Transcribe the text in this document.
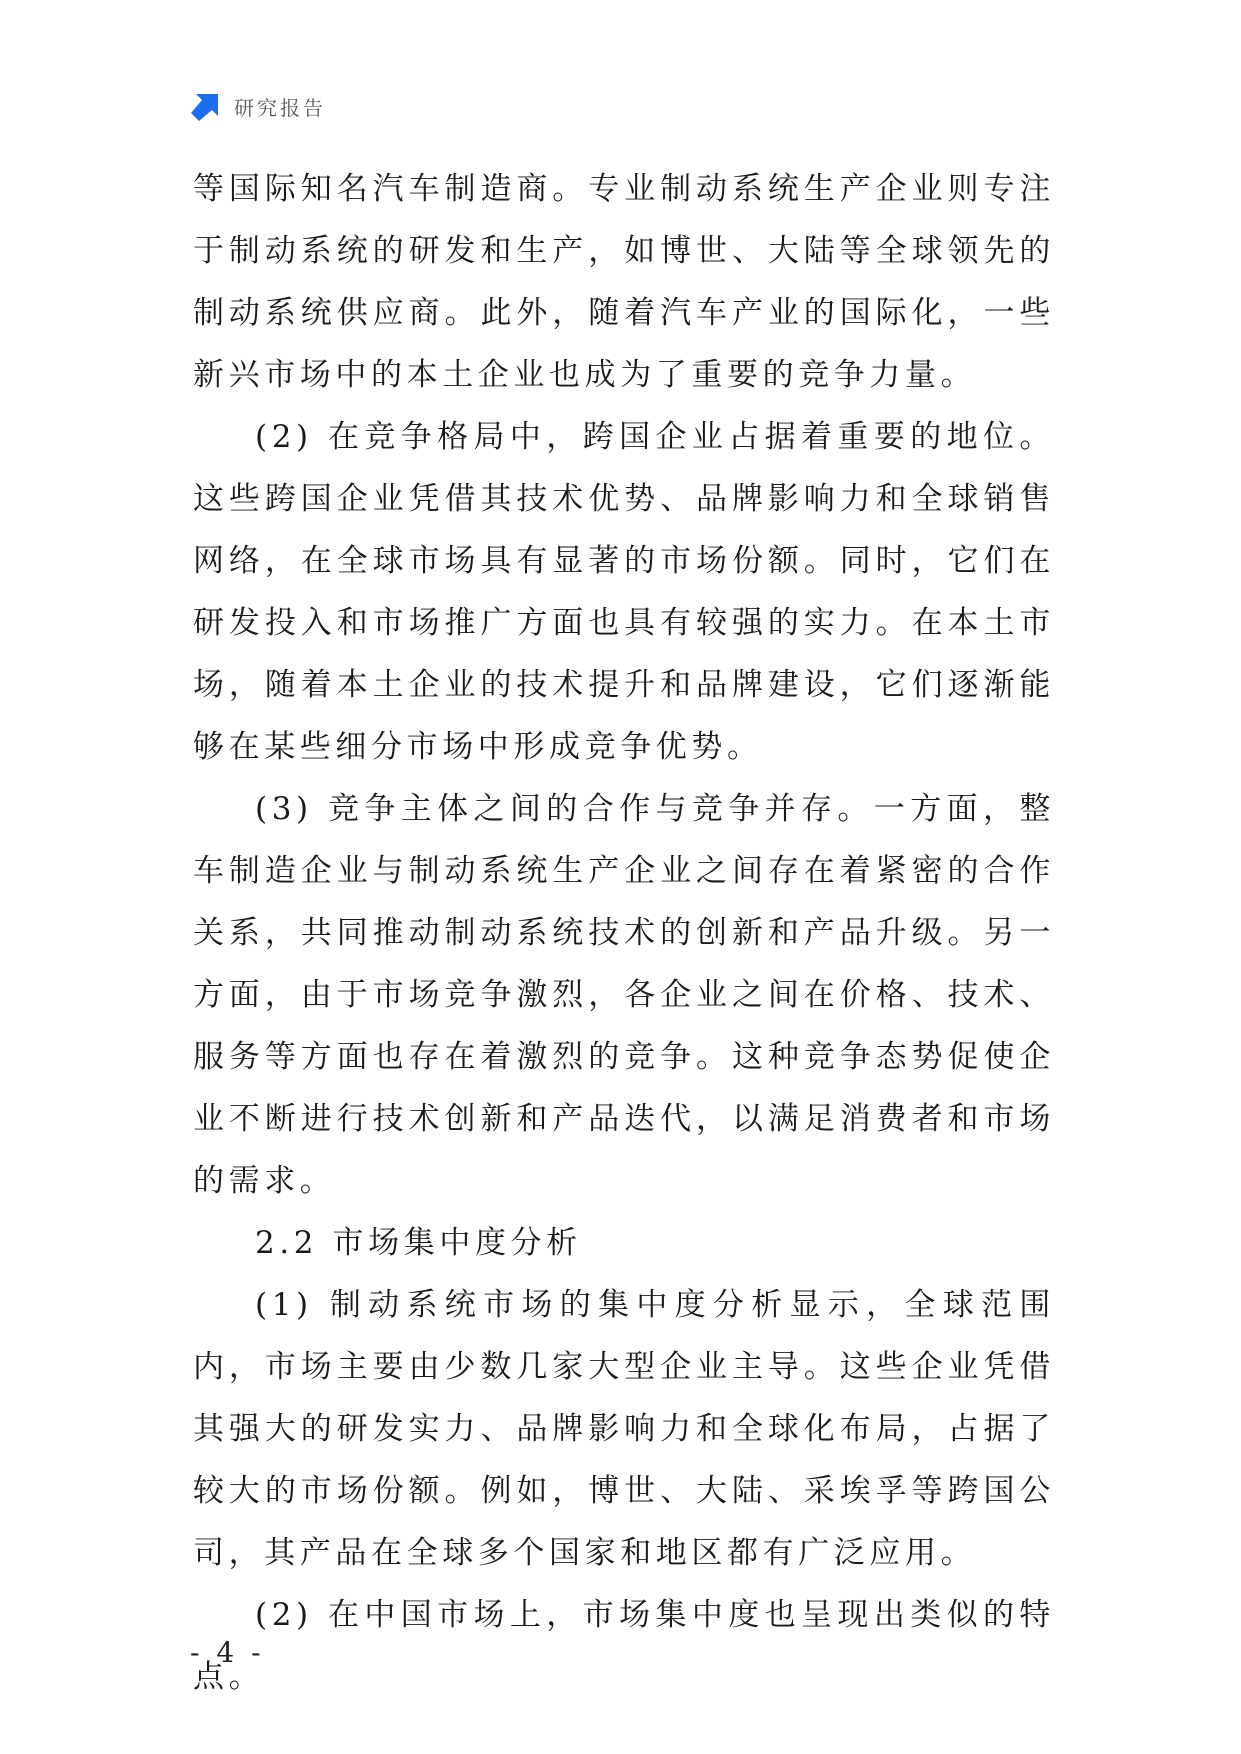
研究报告

等国际知名汽车制造商。专业制动系统生产企业则专注于制动系统的研发和生产，如博世、大陆等全球领先的制动系统供应商。此外，随着汽车产业的国际化，一些新兴市场中的本土企业也成为了重要的竞争力量。

(2) 在竞争格局中，跨国企业占据着重要的地位。这些跨国企业凭借其技术优势、品牌影响力和全球销售网络，在全球市场具有显著的市场份额。同时，它们在研发投入和市场推广方面也具有较强的实力。在本土市场，随着本土企业的技术提升和品牌建设，它们逐渐能够在某些细分市场中形成竞争优势。

(3) 竞争主体之间的合作与竞争并存。一方面，整车制造企业与制动系统生产企业之间存在着紧密的合作关系，共同推动制动系统技术的创新和产品升级。另一方面，由于市场竞争激烈，各企业之间在价格、技术、服务等方面也存在着激烈的竞争。这种竞争态势促使企业不断进行技术创新和产品迭代，以满足消费者和市场的需求。

2.2 市场集中度分析

(1) 制动系统市场的集中度分析显示，全球范围内，市场主要由少数几家大型企业主导。这些企业凭借其强大的研发实力、品牌影响力和全球化布局，占据了较大的市场份额。例如，博世、大陆、采埃孚等跨国公司，其产品在全球多个国家和地区都有广泛应用。

(2) 在中国市场上，市场集中度也呈现出类似的特点。

- 4 -
